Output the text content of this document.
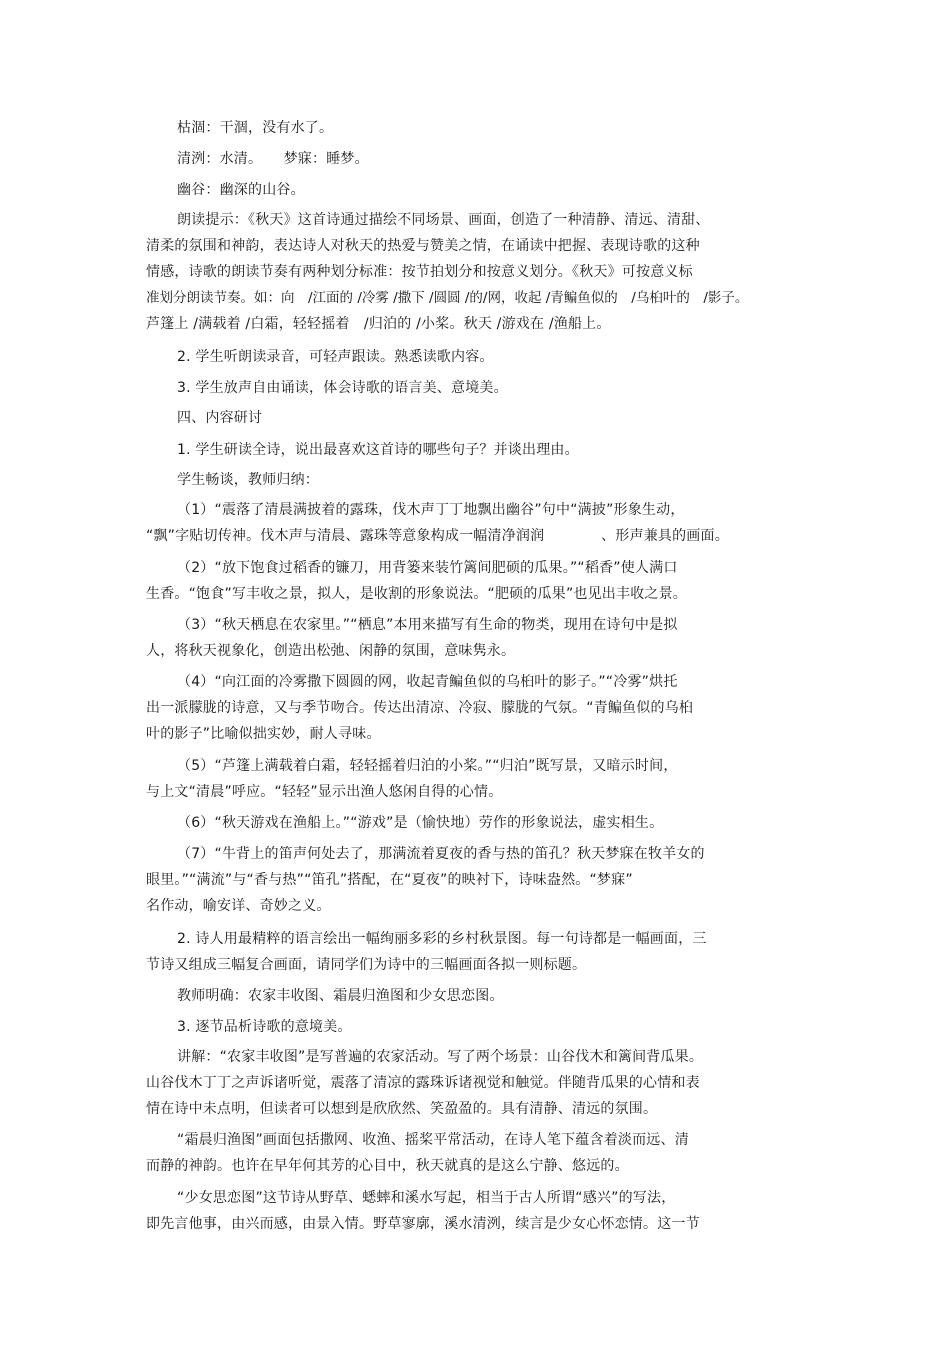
枯涸：干涸，没有水了。
清洌：水清。　　梦寐：睡梦。
幽谷：幽深的山谷。
朗读提示：《秋天》这首诗通过描绘不同场景、画面，创造了一种清静、清远、清甜、
清柔的氛围和神韵，表达诗人对秋天的热爱与赞美之情，在诵读中把握、表现诗歌的这种
情感，诗歌的朗读节奏有两种划分标准：按节拍划分和按意义划分。《秋天》可按意义标
准划分朗读节奏。如：向　/江面的 /冷雾 /撒下 /圆圆 /的/网，收起 /青鳊鱼似的　/乌桕叶的　/影子。
芦篷上 /满载着 /白霜，轻轻摇着　/归泊的 /小桨。秋天 /游戏在 /渔船上。
2. 学生听朗读录音，可轻声跟读。熟悉读歌内容。
3. 学生放声自由诵读，体会诗歌的语言美、意境美。
四、内容研讨
1. 学生研读全诗，说出最喜欢这首诗的哪些句子？并谈出理由。
学生畅谈，教师归纳：
（1）“震落了清晨满披着的露珠，伐木声丁丁地飘出幽谷”句中“满披”形象生动，
“飘”字贴切传神。伐木声与清晨、露珠等意象构成一幅清净润润　　　　、形声兼具的画面。
（2）“放下饱食过稻香的镰刀，用背篓来装竹篱间肥硕的瓜果。”“稻香”使人满口
生香。“饱食”写丰收之景，拟人，是收割的形象说法。“肥硕的瓜果”也见出丰收之景。
（3）“秋天栖息在农家里。”“栖息”本用来描写有生命的物类，现用在诗句中是拟
人，将秋天视象化，创造出松弛、闲静的氛围，意味隽永。
（4）“向江面的冷雾撒下圆圆的网，收起青鳊鱼似的乌桕叶的影子。”“冷雾”烘托
出一派朦胧的诗意，又与季节吻合。传达出清凉、冷寂、朦胧的气氛。“青鳊鱼似的乌桕
叶的影子”比喻似拙实妙，耐人寻味。
（5）“芦篷上满载着白霜，轻轻摇着归泊的小桨。”“归泊”既写景，又暗示时间，
与上文“清晨”呼应。“轻轻”显示出渔人悠闲自得的心情。
（6）“秋天游戏在渔船上。”“游戏”是（愉快地）劳作的形象说法，虚实相生。
（7）“牛背上的笛声何处去了，那满流着夏夜的香与热的笛孔？秋天梦寐在牧羊女的
眼里。”“满流”与“香与热”“笛孔”搭配，在“夏夜”的映衬下，诗味盎然。“梦寐”
名作动，喻安详、奇妙之义。
2. 诗人用最精粹的语言绘出一幅绚丽多彩的乡村秋景图。每一句诗都是一幅画面，三
节诗又组成三幅复合画面，请同学们为诗中的三幅画面各拟一则标题。
教师明确：农家丰收图、霜晨归渔图和少女思恋图。
3. 逐节品析诗歌的意境美。
讲解：“农家丰收图”是写普遍的农家活动。写了两个场景：山谷伐木和篱间背瓜果。
山谷伐木丁丁之声诉诸听觉，震落了清凉的露珠诉诸视觉和触觉。伴随背瓜果的心情和表
情在诗中未点明，但读者可以想到是欣欣然、笑盈盈的。具有清静、清远的氛围。
“霜晨归渔图”画面包括撒网、收渔、摇桨平常活动，在诗人笔下蕴含着淡而远、清
而静的神韵。也许在早年何其芳的心目中，秋天就真的是这么宁静、悠远的。
“少女思恋图”这节诗从野草、蟋蟀和溪水写起，相当于古人所谓“感兴”的写法，
即先言他事，由兴而感，由景入情。野草寥廓，溪水清洌，续言是少女心怀恋情。这一节
